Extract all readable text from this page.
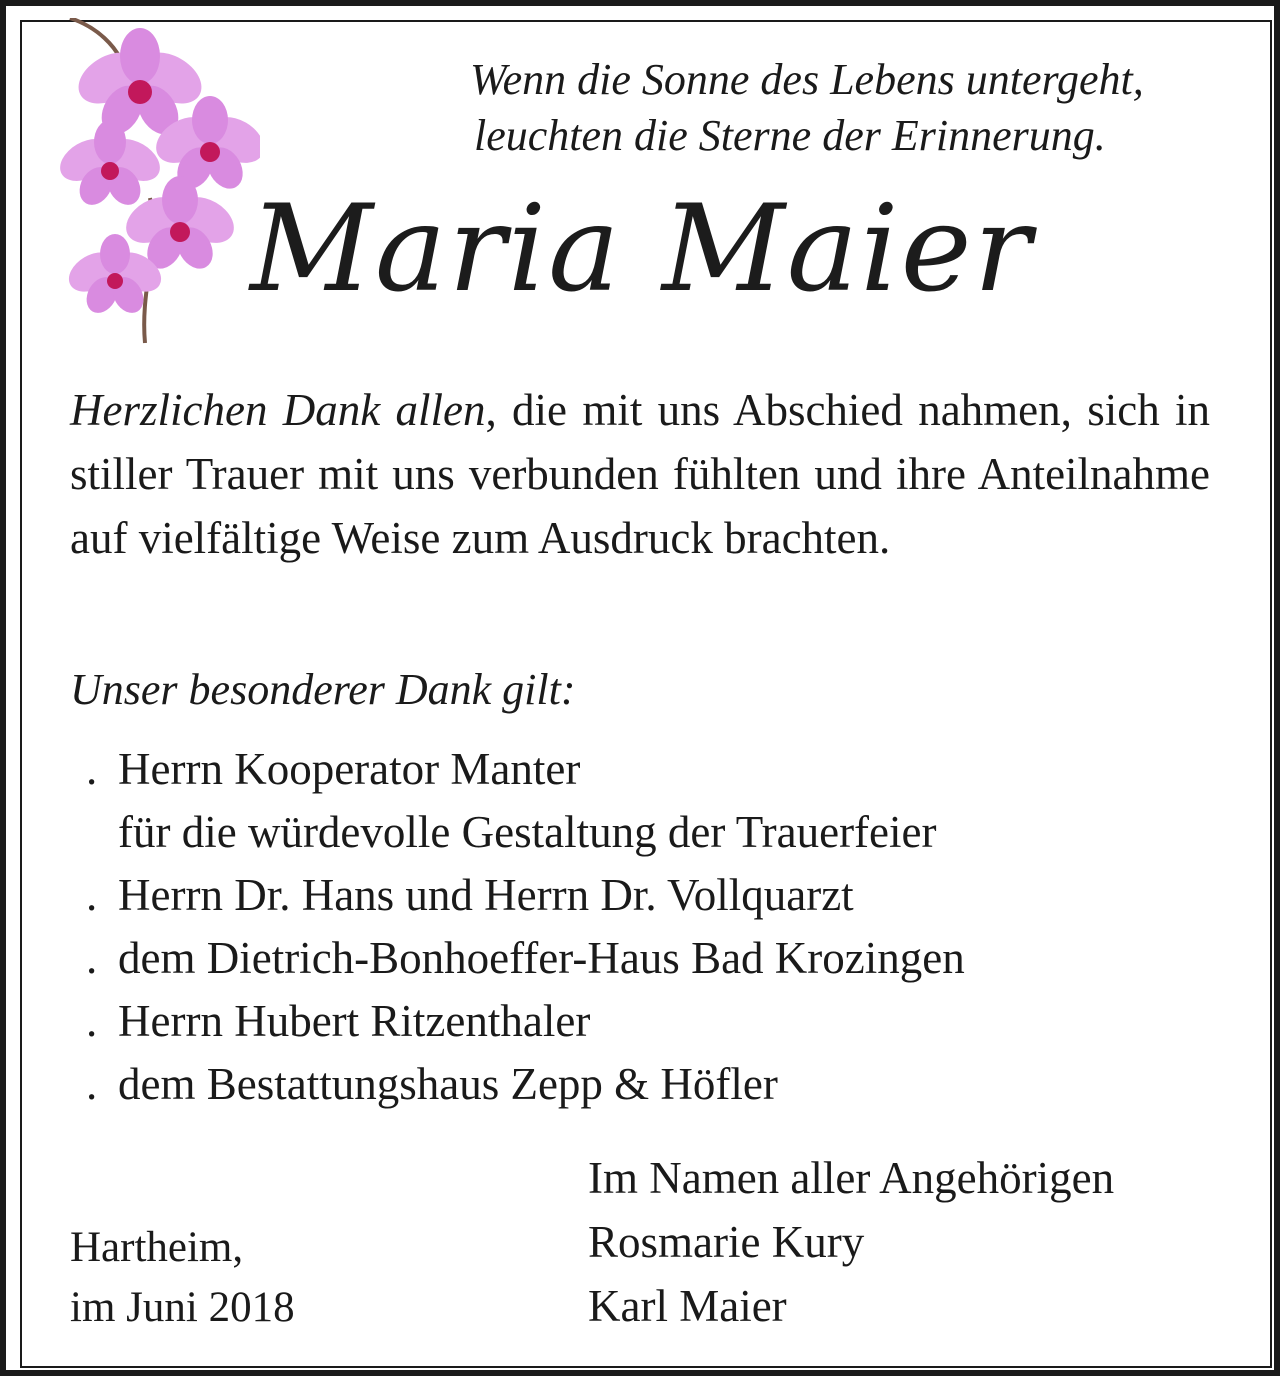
Wenn die Sonne des Lebens untergeht,
leuchten die Sterne der Erinnerung.
Maria Maier
Herzlichen Dank allen, die mit uns Abschied nahmen, sich in stiller Trauer mit uns verbunden fühlten und ihre Anteilnahme auf vielfältige Weise zum Ausdruck brachten.
Unser besonderer Dank gilt:
. Herrn Kooperator Manter
für die würdevolle Gestaltung der Trauerfeier
. Herrn Dr. Hans und Herrn Dr. Vollquarzt
. dem Dietrich-Bonhoeffer-Haus Bad Krozingen
. Herrn Hubert Ritzenthaler
. dem Bestattungshaus Zepp & Höfler
Hartheim,
im Juni 2018
Im Namen aller Angehörigen
Rosmarie Kury
Karl Maier
